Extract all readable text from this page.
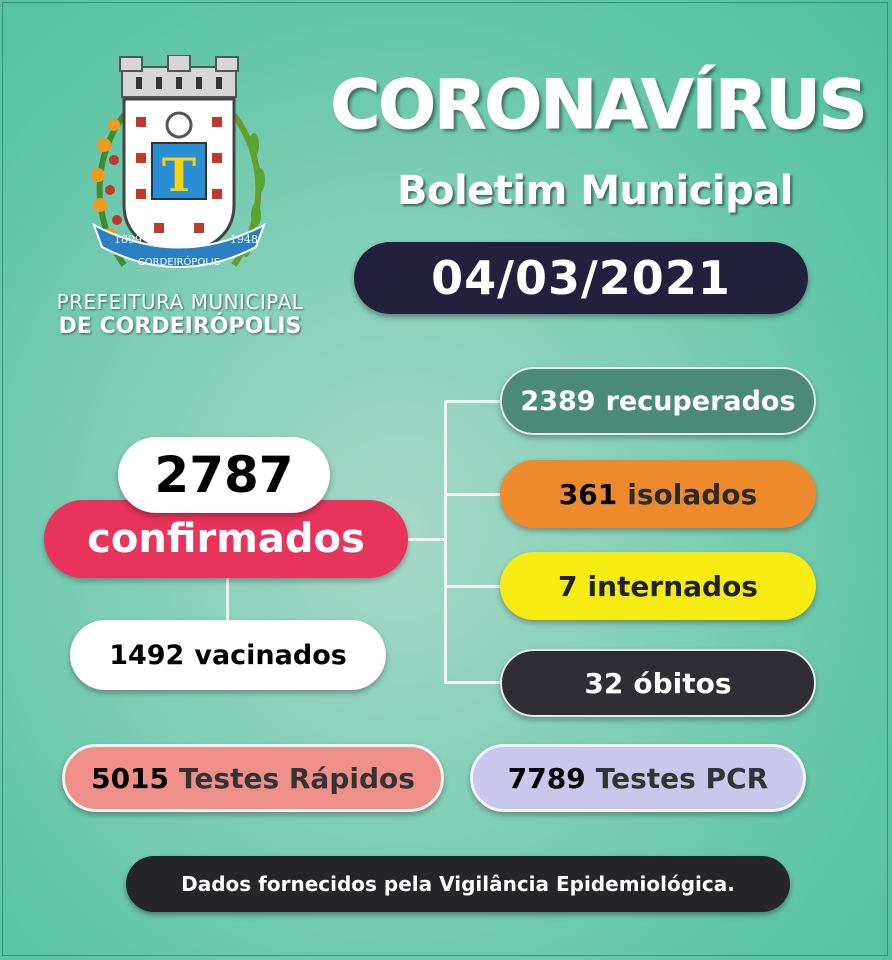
T
1899
CORDEIRÓPOLIS
1948
PREFEITURA MUNICIPAL
DE CORDEIRÓPOLIS
CORONAVÍRUS
Boletim Municipal
04/03/2021
confirmados
2787
1492 vacinados
2389 recuperados
361 isolados
7 internados
32 óbitos
5015 Testes Rápidos	7789 Testes PCR
Dados fornecidos pela Vigilância Epidemiológica.
